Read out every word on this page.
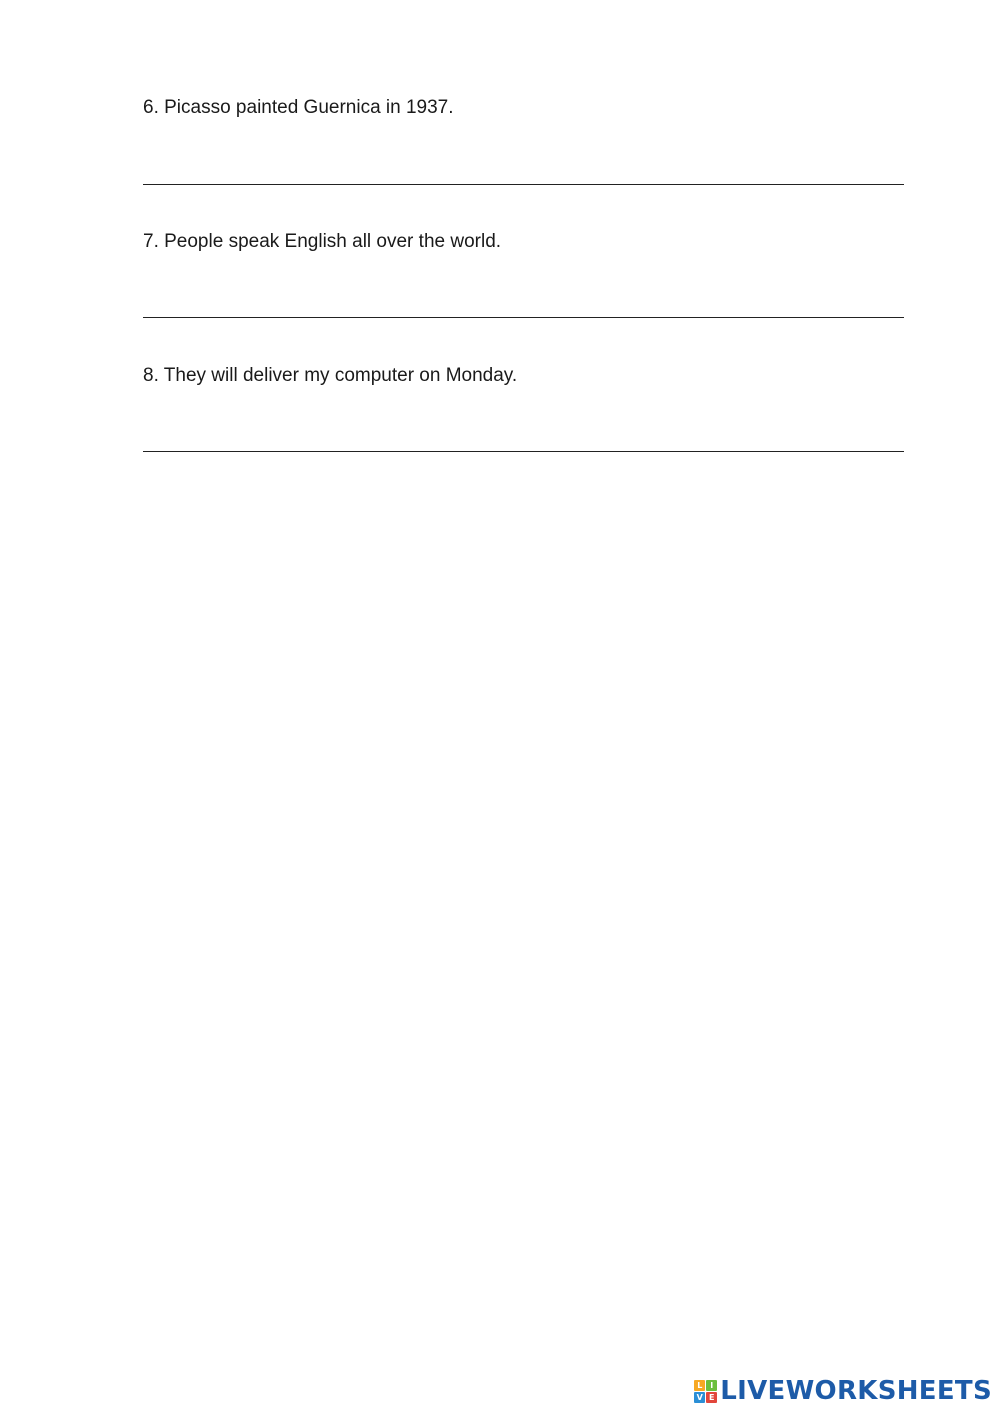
6. Picasso painted Guernica in 1937.

7. People speak English all over the world.

8. They will deliver my computer on Monday.

L I
V E LIVEWORKSHEETS
